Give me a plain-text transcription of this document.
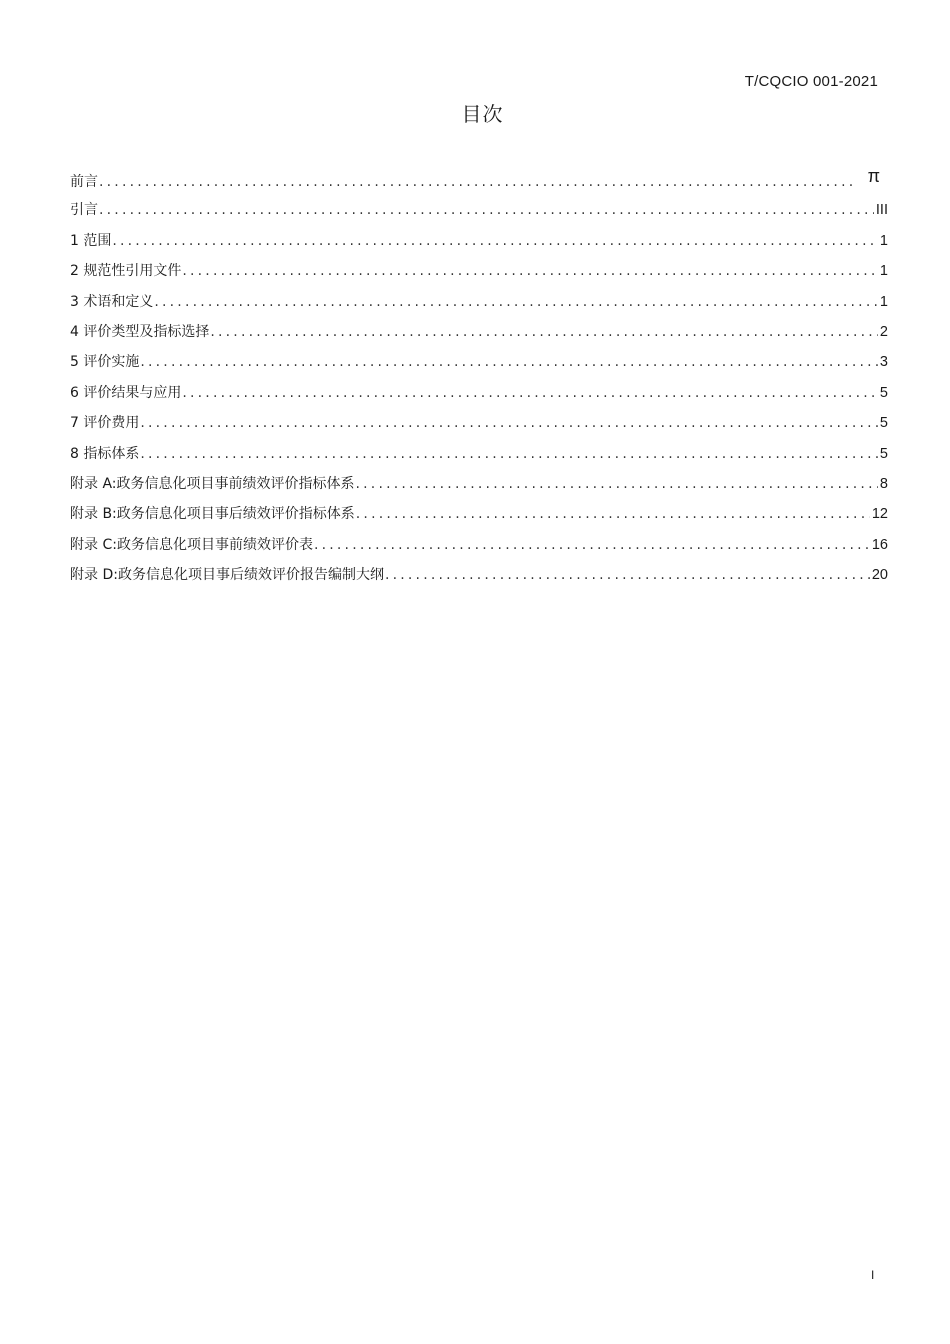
T/CQCIO 001-2021
目次
前言 .....	π
引言 .....	III
1 范围 .....	1
2 规范性引用文件 .....	1
3 术语和定义 .....	1
4 评价类型及指标选择 .....	2
5 评价实施 .....	3
6 评价结果与应用 .....	5
7 评价费用 .....	5
8 指标体系 .....	5
附录 A:政务信息化项目事前绩效评价指标体系 .....	8
附录 B:政务信息化项目事后绩效评价指标体系 .....	12
附录 C:政务信息化项目事前绩效评价表 .....	16
附录 D:政务信息化项目事后绩效评价报告编制大纲 .....	20
I
